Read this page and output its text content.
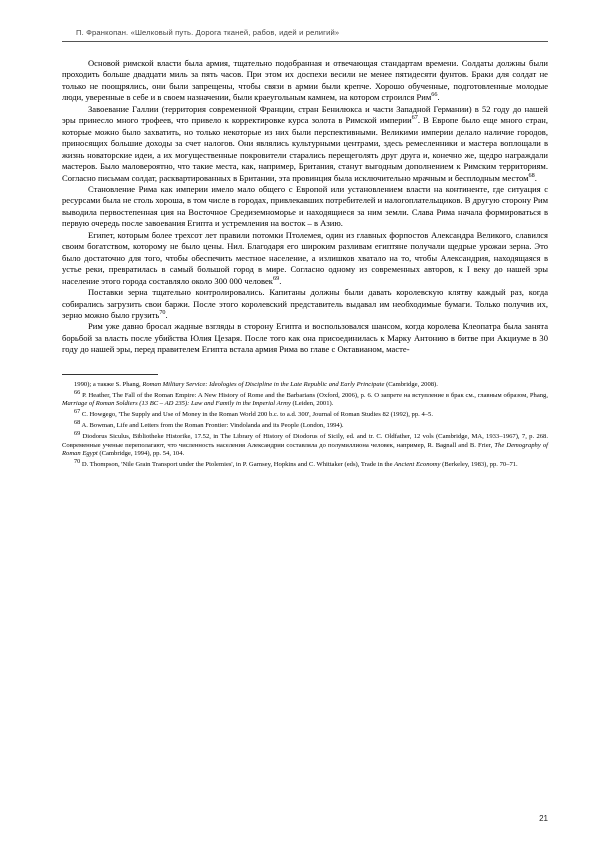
П. Франкопан. «Шелковый путь. Дорога тканей, рабов, идей и религий»

Основой римской власти была армия, тщательно подобранная и отвечающая стандартам времени. Солдаты должны были проходить больше двадцати миль за пять часов. При этом их доспехи весили не менее пятидесяти фунтов. Браки для солдат не только не поощрялись, они были запрещены, чтобы связи в армии были крепче. Хорошо обученные, подготовленные молодые люди, уверенные в себе и в своем назначении, были краеугольным камнем, на котором строился Рим$^{66}$.

Завоевание Галлии (территория современной Франции, стран Бенилюкса и части Западной Германии) в 52 году до нашей эры принесло много трофеев, что привело к корректировке курса золота в Римской империи$^{67}$. В Европе было еще много стран, которые можно было захватить, но только некоторые из них были перспективными. Великими империи делало наличие городов, приносящих большие доходы за счет налогов. Они являлись культурными центрами, здесь ремесленники и мастера воплощали в жизнь новаторские идеи, а их могущественные покровители старались перещеголять друг друга и, конечно же, щедро награждали мастеров. Было маловероятно, что такие места, как, например, Британия, станут выгодным дополнением к Римским территориям. Согласно письмам солдат, расквартированных в Британии, эта провинция была исключительно мрачным и бесплодным местом$^{68}$.

Становление Рима как империи имело мало общего с Европой или установлением власти на континенте, где ситуация с ресурсами была не столь хороша, в том числе в городах, привлекавших потребителей и налогоплательщиков. В другую сторону Рим выводила первостепенная ция на Восточное Средиземноморье и находящиеся за ним земли. Слава Рима начала формироваться в первую очередь после завоевания Египта и устремления на восток – в Азию.

Египет, которым более трехсот лет правили потомки Птолемея, один из главных форпостов Александра Великого, славился своим богатством, которому не было цены. Нил. Благодаря его широким разливам египтяне получали щедрые урожаи зерна. Это было достаточно для того, чтобы обеспечить местное население, а излишков хватало на то, чтобы Александрия, находящаяся в устье реки, превратилась в самый большой город в мире. Согласно одному из современных авторов, к I веку до нашей эры население этого города составляло около 300 000 человек$^{69}$.

Поставки зерна тщательно контролировались. Капитаны должны были давать королевскую клятву каждый раз, когда собирались загрузить свои баржи. После этого королевский представитель выдавал им необходимые бумаги. Только получив их, зерно можно было грузить$^{70}$.

Рим уже давно бросал жадные взгляды в сторону Египта и воспользовался шансом, когда королева Клеопатра была занята борьбой за власть после убийства Юлия Цезаря. После того как она присоединилась к Марку Антонию в битве при Акциуме в 30 году до нашей эры, перед правителем Египта встала армия Рима во главе с Октавианом, масте-

1990); а также S. Phang, Roman Military Service: Ideologies of Discipline in the Late Republic and Early Principate (Cambridge, 2008).

$^{66}$ P. Heather, The Fall of the Roman Empire: A New History of Rome and the Barbarians (Oxford, 2006), p. 6. О запрете на вступление в брак см., главным образом, Phang, Marriage of Roman Soldiers (13 BC – AD 235): Law and Family in the Imperial Army (Leiden, 2001).

$^{67}$ C. Howgego, 'The Supply and Use of Money in the Roman World 200 b.c. to a.d. 300', Journal of Roman Studies 82 (1992), pp. 4–5.

$^{68}$ A. Bowman, Life and Letters from the Roman Frontier: Vindolanda and its People (London, 1994).

$^{69}$ Diodorus Siculus, Bibliotheke Historike, 17.52, in The Library of History of Diodorus of Sicily, ed. and tr. C. Oldfather, 12 vols (Cambridge, MA, 1933–1967), 7, p. 268. Современные ученые переполагают, что численность населения Александрии составляла до полумиллиона человек, например, R. Bagnall and B. Frier, The Demography of Roman Egypt (Cambridge, 1994), pp. 54, 104.

$^{70}$ D. Thompson, 'Nile Grain Transport under the Ptolemies', in P. Garnsey, Hopkins and C. Whittaker (eds), Trade in the Ancient Economy (Berkeley, 1983), pp. 70–71.

21
